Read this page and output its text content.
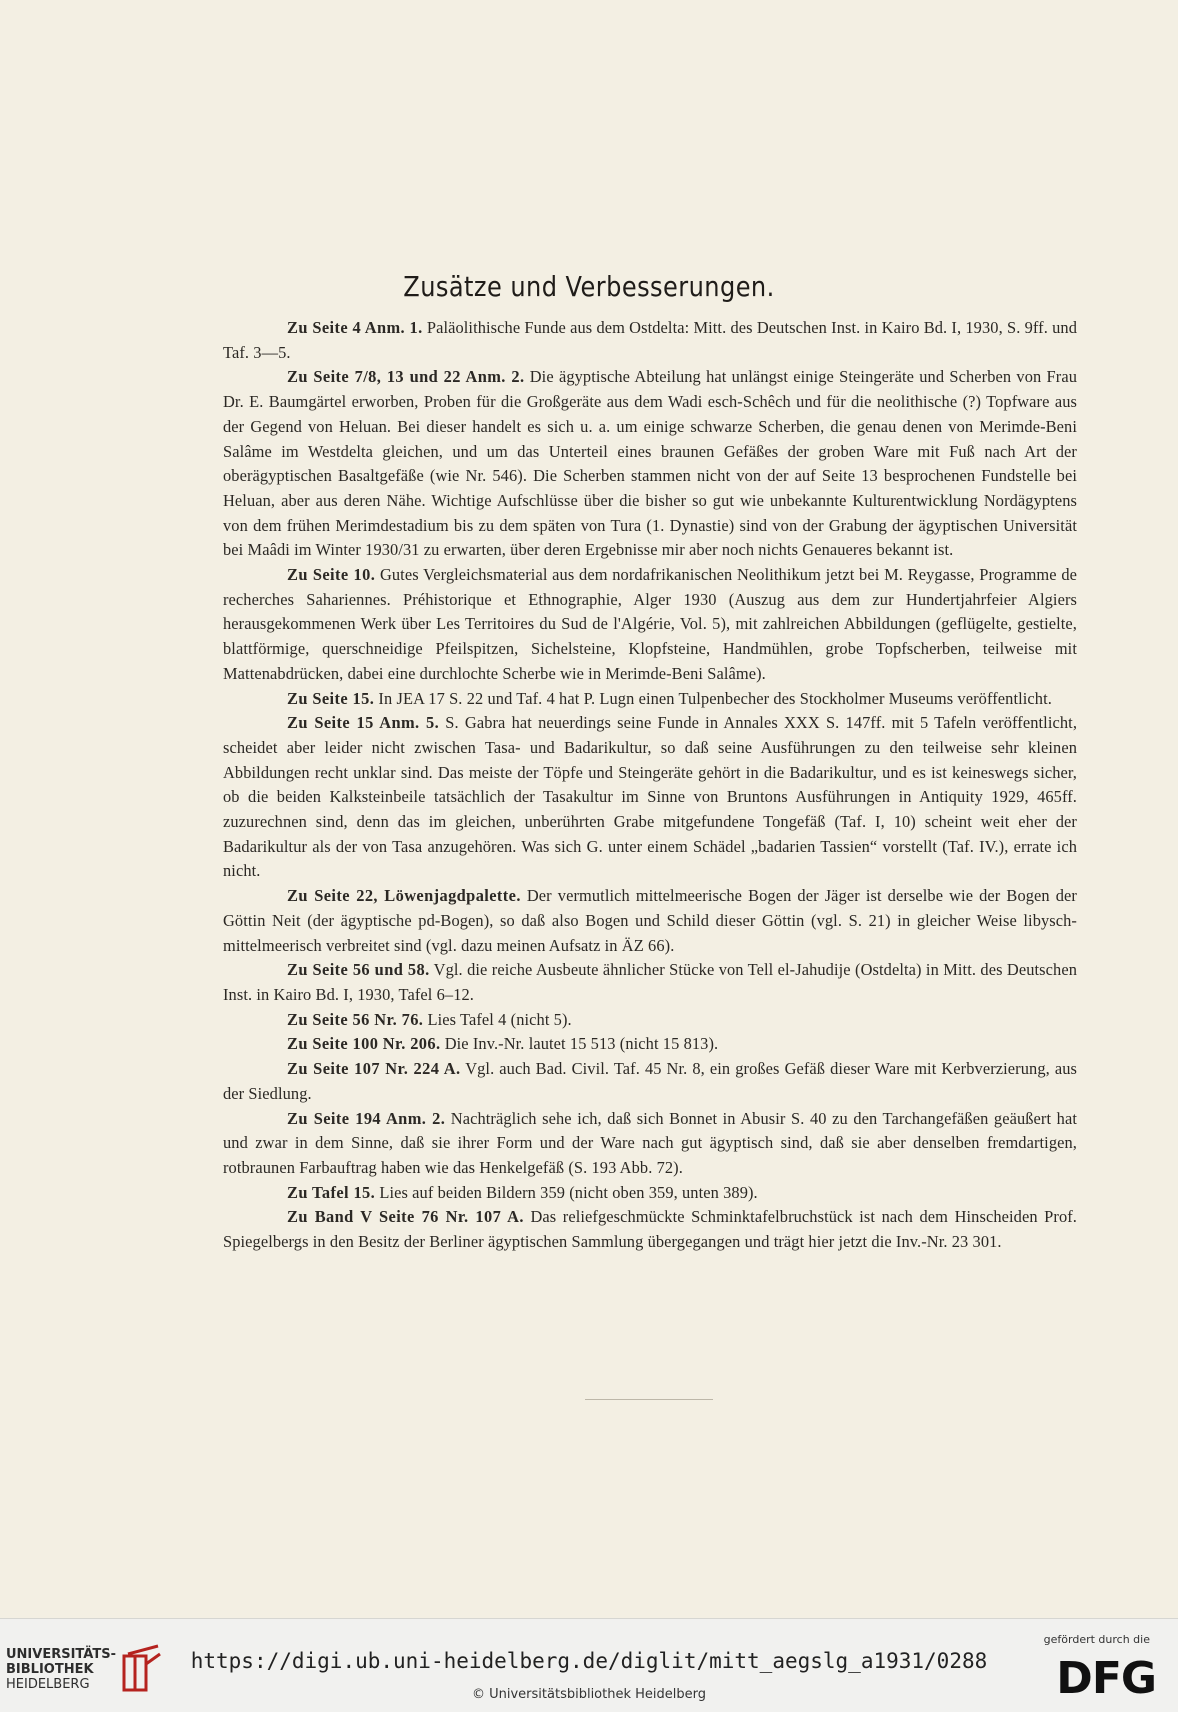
Zusätze und Verbesserungen.

Zu Seite 4 Anm. 1. Paläolithische Funde aus dem Ostdelta: Mitt. des Deutschen Inst. in Kairo Bd. I, 1930, S. 9ff. und Taf. 3—5.

Zu Seite 7/8, 13 und 22 Anm. 2. Die ägyptische Abteilung hat unlängst einige Steingeräte und Scherben von Frau Dr. E. Baumgärtel erworben, Proben für die Großgeräte aus dem Wadi esch-Schêch und für die neolithische (?) Topfware aus der Gegend von Heluan. Bei dieser handelt es sich u. a. um einige schwarze Scherben, die genau denen von Merimde-Beni Salâme im Westdelta gleichen, und um das Unterteil eines braunen Gefäßes der groben Ware mit Fuß nach Art der oberägyptischen Basaltgefäße (wie Nr. 546). Die Scherben stammen nicht von der auf Seite 13 besprochenen Fundstelle bei Heluan, aber aus deren Nähe. Wichtige Aufschlüsse über die bisher so gut wie unbekannte Kulturentwicklung Nordägyptens von dem frühen Merimdestadium bis zu dem späten von Tura (1. Dynastie) sind von der Grabung der ägyptischen Universität bei Maâdi im Winter 1930/31 zu erwarten, über deren Ergebnisse mir aber noch nichts Genaueres bekannt ist.

Zu Seite 10. Gutes Vergleichsmaterial aus dem nordafrikanischen Neolithikum jetzt bei M. Reygasse, Programme de recherches Sahariennes. Préhistorique et Ethnographie, Alger 1930 (Auszug aus dem zur Hundertjahrfeier Algiers herausgekommenen Werk über Les Territoires du Sud de l'Algérie, Vol. 5), mit zahlreichen Abbildungen (geflügelte, gestielte, blattförmige, querschneidige Pfeilspitzen, Sichelsteine, Klopfsteine, Handmühlen, grobe Topfscherben, teilweise mit Mattenabdrücken, dabei eine durchlochte Scherbe wie in Merimde-Beni Salâme).

Zu Seite 15. In JEA 17 S. 22 und Taf. 4 hat P. Lugn einen Tulpenbecher des Stockholmer Museums veröffentlicht.

Zu Seite 15 Anm. 5. S. Gabra hat neuerdings seine Funde in Annales XXX S. 147ff. mit 5 Tafeln veröffentlicht, scheidet aber leider nicht zwischen Tasa- und Badarikultur, so daß seine Ausführungen zu den teilweise sehr kleinen Abbildungen recht unklar sind. Das meiste der Töpfe und Steingeräte gehört in die Badarikultur, und es ist keineswegs sicher, ob die beiden Kalksteinbeile tatsächlich der Tasakultur im Sinne von Bruntons Ausführungen in Antiquity 1929, 465ff. zuzurechnen sind, denn das im gleichen, unberührten Grabe mitgefundene Tongefäß (Taf. I, 10) scheint weit eher der Badarikultur als der von Tasa anzugehören. Was sich G. unter einem Schädel „badarien Tassien“ vorstellt (Taf. IV.), errate ich nicht.

Zu Seite 22, Löwenjagdpalette. Der vermutlich mittelmeerische Bogen der Jäger ist derselbe wie der Bogen der Göttin Neit (der ägyptische pd-Bogen), so daß also Bogen und Schild dieser Göttin (vgl. S. 21) in gleicher Weise libysch-mittelmeerisch verbreitet sind (vgl. dazu meinen Aufsatz in ÄZ 66).

Zu Seite 56 und 58. Vgl. die reiche Ausbeute ähnlicher Stücke von Tell el-Jahudije (Ostdelta) in Mitt. des Deutschen Inst. in Kairo Bd. I, 1930, Tafel 6–12.

Zu Seite 56 Nr. 76. Lies Tafel 4 (nicht 5).

Zu Seite 100 Nr. 206. Die Inv.-Nr. lautet 15 513 (nicht 15 813).

Zu Seite 107 Nr. 224 A. Vgl. auch Bad. Civil. Taf. 45 Nr. 8, ein großes Gefäß dieser Ware mit Kerbverzierung, aus der Siedlung.

Zu Seite 194 Anm. 2. Nachträglich sehe ich, daß sich Bonnet in Abusir S. 40 zu den Tarchangefäßen geäußert hat und zwar in dem Sinne, daß sie ihrer Form und der Ware nach gut ägyptisch sind, daß sie aber denselben fremdartigen, rotbraunen Farbauftrag haben wie das Henkelgefäß (S. 193 Abb. 72).

Zu Tafel 15. Lies auf beiden Bildern 359 (nicht oben 359, unten 389).

Zu Band V Seite 76 Nr. 107 A. Das reliefgeschmückte Schminktafelbruchstück ist nach dem Hinscheiden Prof. Spiegelbergs in den Besitz der Berliner ägyptischen Sammlung übergegangen und trägt hier jetzt die Inv.-Nr. 23 301.

UNIVERSITÄTS-
BIBLIOTHEK
HEIDELBERG
https://digi.ub.uni-heidelberg.de/diglit/mitt_aegslg_a1931/0288
© Universitätsbibliothek Heidelberg
gefördert durch die
DFG
